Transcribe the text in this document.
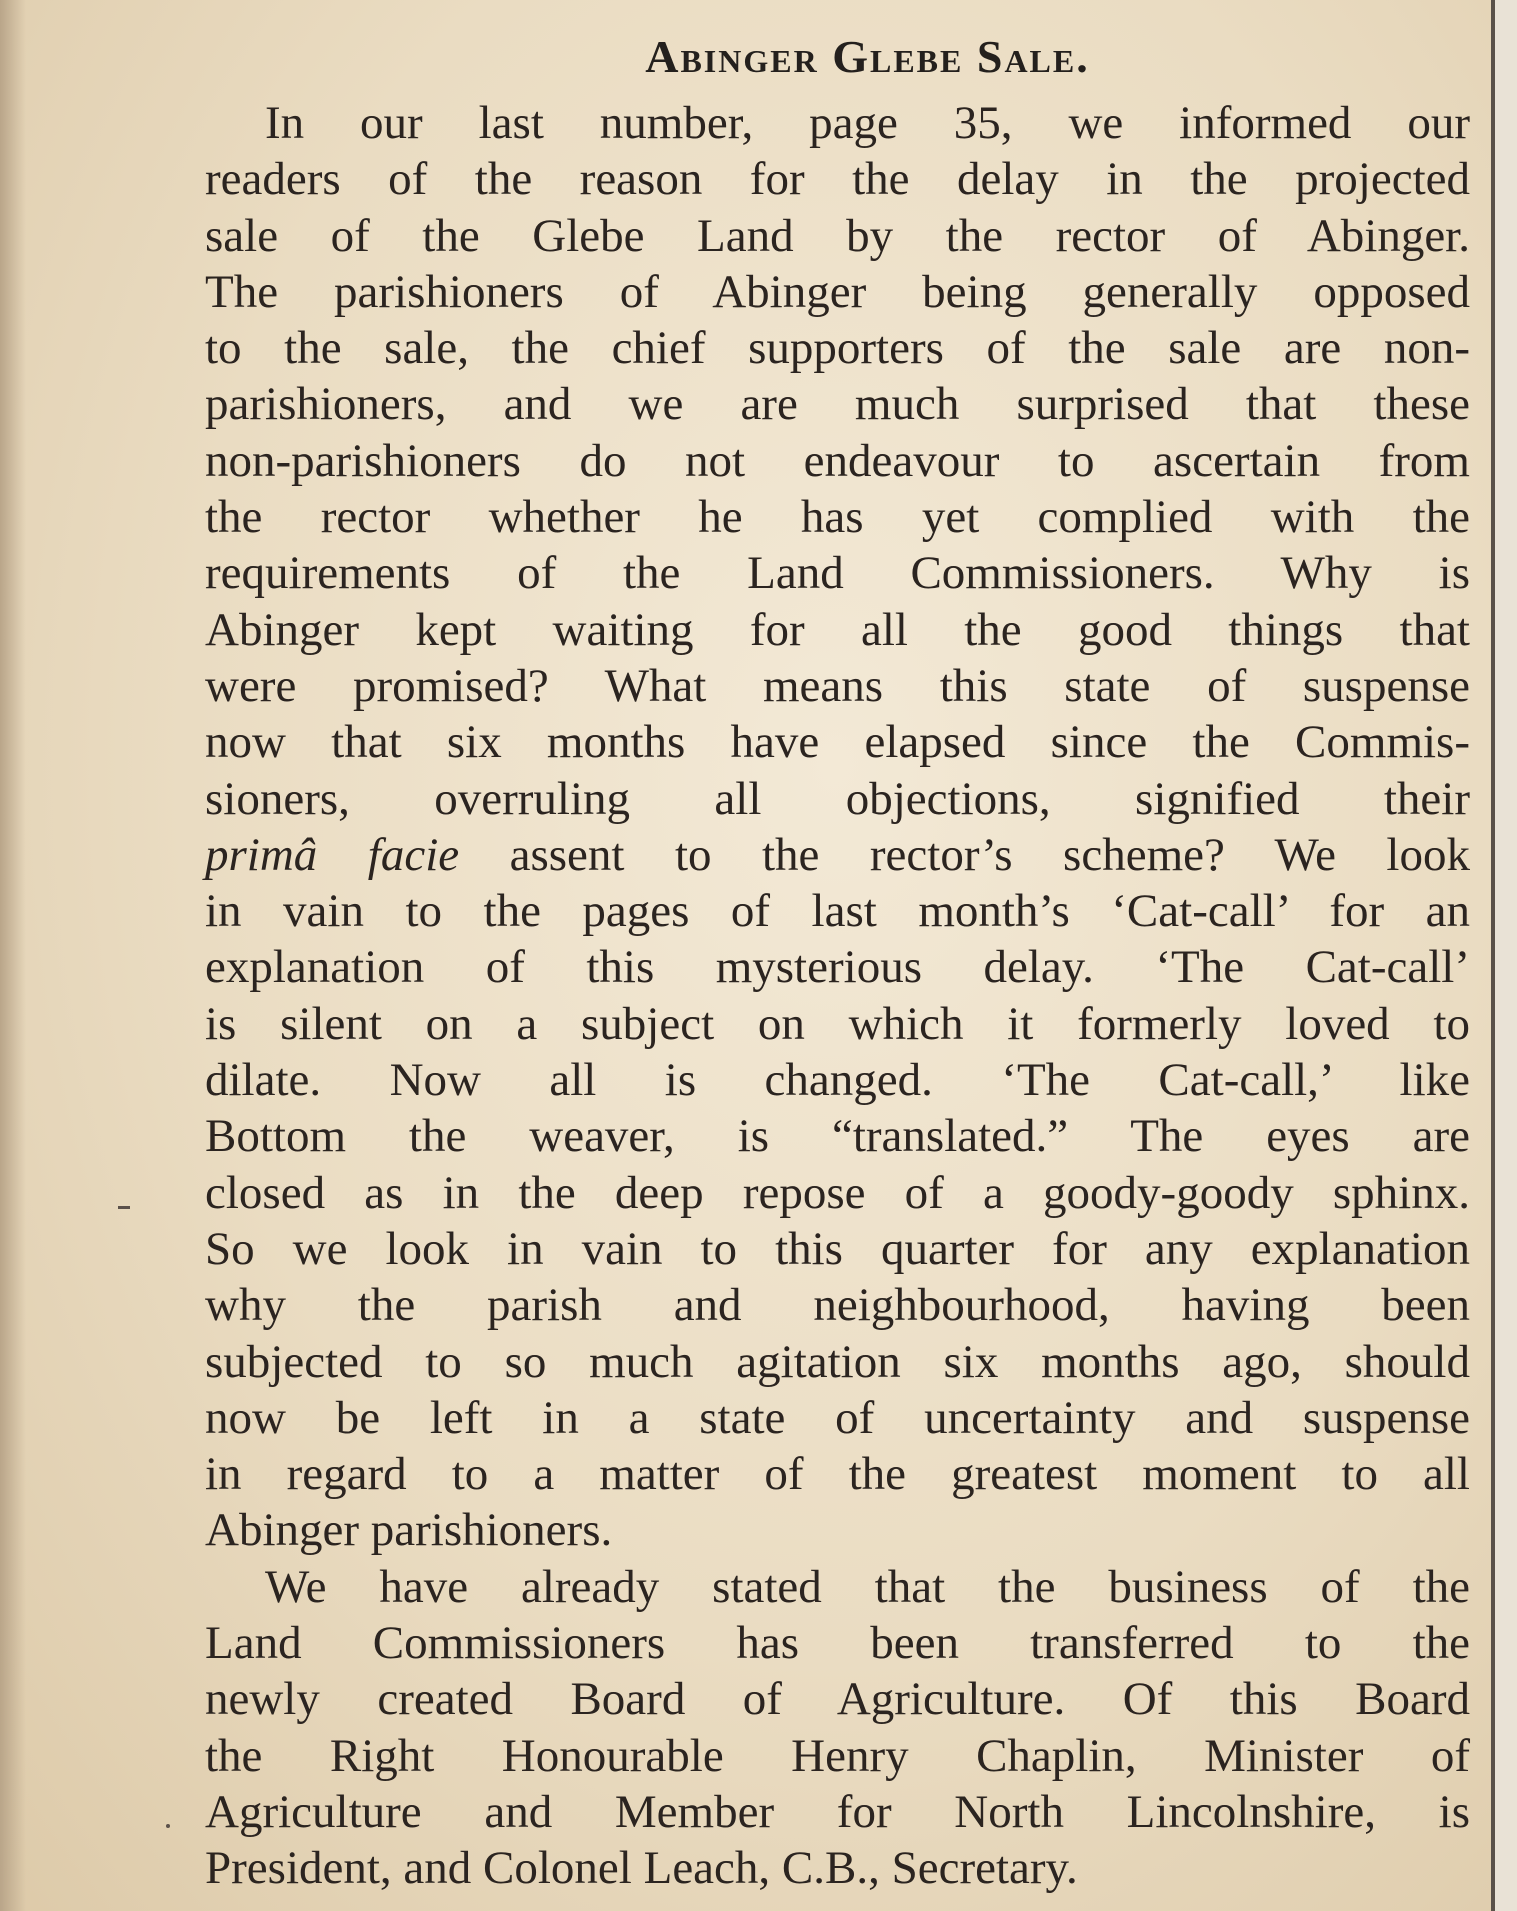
Abinger Glebe Sale.
In our last number, page 35, we informed our
readers of the reason for the delay in the projected
sale of the Glebe Land by the rector of Abinger.
The parishioners of Abinger being generally opposed
to the sale, the chief supporters of the sale are non-
parishioners, and we are much surprised that these
non-parishioners do not endeavour to ascertain from
the rector whether he has yet complied with the
requirements of the Land Commissioners. Why is
Abinger kept waiting for all the good things that
were promised? What means this state of suspense
now that six months have elapsed since the Commis-
sioners, overruling all objections, signified their
primâ facie assent to the rector’s scheme? We look
in vain to the pages of last month’s ‘Cat-call’ for an
explanation of this mysterious delay. ‘The Cat-call’
is silent on a subject on which it formerly loved to
dilate. Now all is changed. ‘The Cat-call,’ like
Bottom the weaver, is “translated.” The eyes are
closed as in the deep repose of a goody-goody sphinx.
So we look in vain to this quarter for any explanation
why the parish and neighbourhood, having been
subjected to so much agitation six months ago, should
now be left in a state of uncertainty and suspense
in regard to a matter of the greatest moment to all
Abinger parishioners.
We have already stated that the business of the
Land Commissioners has been transferred to the
newly created Board of Agriculture. Of this Board
the Right Honourable Henry Chaplin, Minister of
Agriculture and Member for North Lincolnshire, is
President, and Colonel Leach, C.B., Secretary.
